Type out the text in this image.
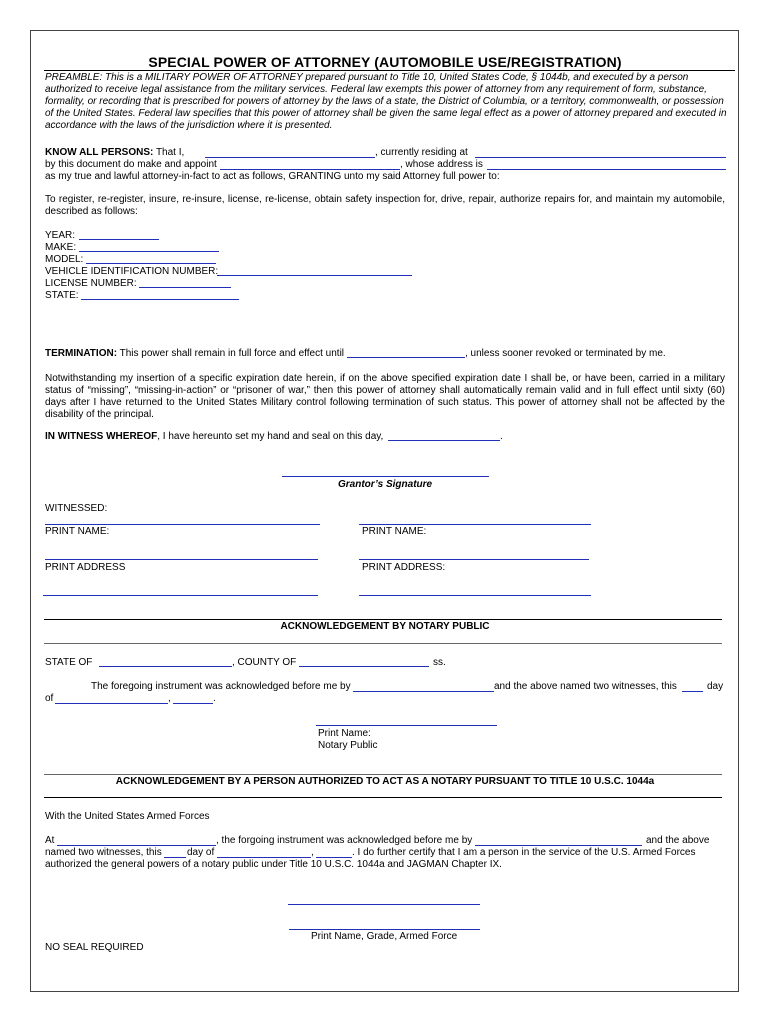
SPECIAL POWER OF ATTORNEY (AUTOMOBILE USE/REGISTRATION)
PREAMBLE: This is a MILITARY POWER OF ATTORNEY prepared pursuant to Title 10, United States Code, § 1044b, and executed by a person authorized to receive legal assistance from the military services. Federal law exempts this power of attorney from any requirement of form, substance, formality, or recording that is prescribed for powers of attorney by the laws of a state, the District of Columbia, or a territory, commonwealth, or possession of the United States. Federal law specifies that this power of attorney shall be given the same legal effect as a power of attorney prepared and executed in accordance with the laws of the jurisdiction where it is presented.
KNOW ALL PERSONS: That I,	, currently residing at
by this document do make and appoint	, whose address is
as my true and lawful attorney-in-fact to act as follows, GRANTING unto my said Attorney full power to:
To register, re-register, insure, re-insure, license, re-license, obtain safety inspection for, drive, repair, authorize repairs for, and maintain my automobile, described as follows:
YEAR:
MAKE:
MODEL:
VEHICLE IDENTIFICATION NUMBER:
LICENSE NUMBER:
STATE:
TERMINATION: This power shall remain in full force and effect until	, unless sooner revoked or terminated by me.
Notwithstanding my insertion of a specific expiration date herein, if on the above specified expiration date I shall be, or have been, carried in a military status of “missing”, “missing-in-action” or “prisoner of war,” then this power of attorney shall automatically remain valid and in full effect until sixty (60) days after I have returned to the United States Military control following termination of such status. This power of attorney shall not be affected by the disability of the principal.
IN WITNESS WHEREOF, I have hereunto set my hand and seal on this day,	.
Grantor’s Signature
WITNESSED:
PRINT NAME:	PRINT NAME:
PRINT ADDRESS	PRINT ADDRESS:
ACKNOWLEDGEMENT BY NOTARY PUBLIC
STATE OF	, COUNTY OF	ss.
The foregoing instrument was acknowledged before me by	and the above named two witnesses, this	day
of	,	.
Print Name:
Notary Public
ACKNOWLEDGEMENT BY A PERSON AUTHORIZED TO ACT AS A NOTARY PURSUANT TO TITLE 10 U.S.C. 1044a
With the United States Armed Forces
At	, the forgoing instrument was acknowledged before me by	and the above
named two witnesses, this	day of	,	. I do further certify that I am a person in the service of the U.S. Armed Forces
authorized the general powers of a notary public under Title 10 U.S.C. 1044a and JAGMAN Chapter IX.
Print Name, Grade, Armed Force
NO SEAL REQUIRED
